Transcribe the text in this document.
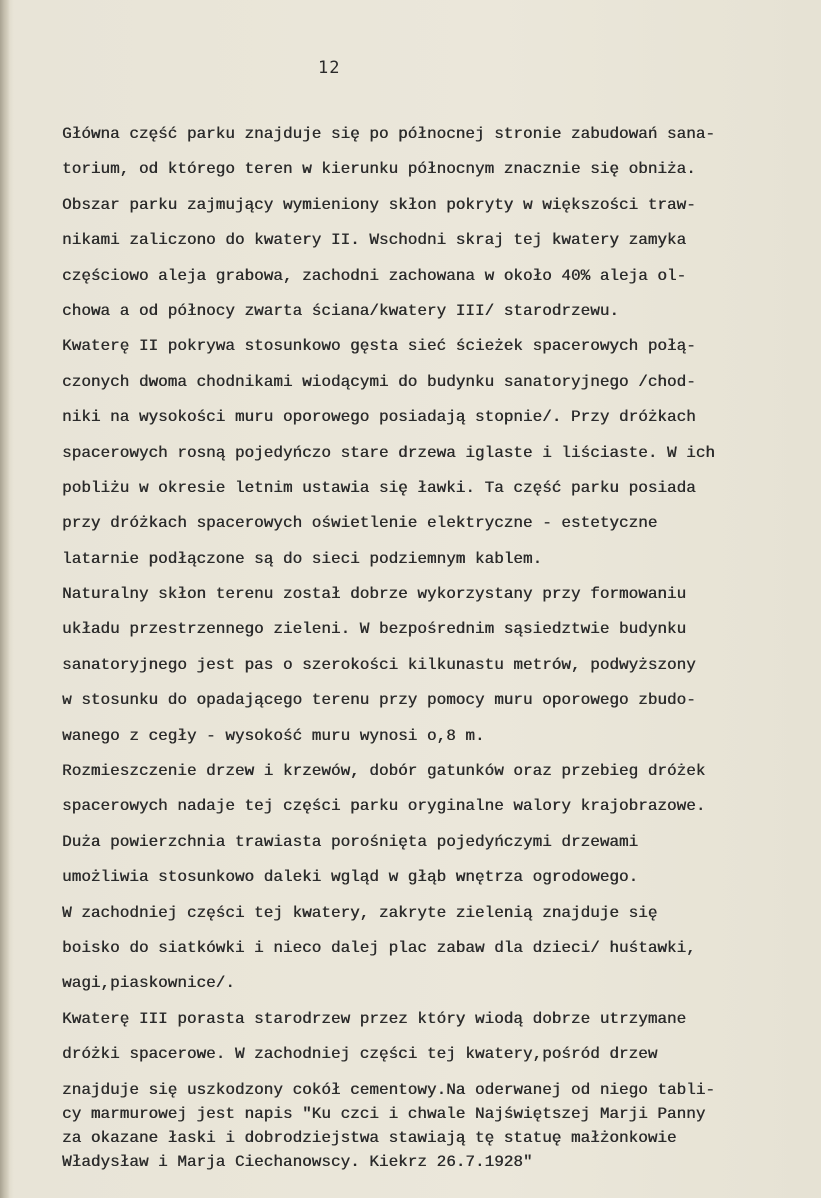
12
Główna część parku znajduje się po północnej stronie zabudowań sana-
torium, od którego teren w kierunku północnym znacznie się obniża.
Obszar parku zajmujący wymieniony skłon pokryty w większości traw-
nikami zaliczono do kwatery II. Wschodni skraj tej kwatery zamyka
częściowo aleja grabowa, zachodni zachowana w około 40% aleja ol-
chowa a od północy zwarta ściana/kwatery III/ starodrzewu.
Kwaterę II pokrywa stosunkowo gęsta sieć ścieżek spacerowych połą-
czonych dwoma chodnikami wiodącymi do budynku sanatoryjnego /chod-
niki na wysokości muru oporowego posiadają stopnie/. Przy dróżkach
spacerowych rosną pojedyńczo stare drzewa iglaste i liściaste. W ich
pobliżu w okresie letnim ustawia się ławki. Ta część parku posiada
przy dróżkach spacerowych oświetlenie elektryczne - estetyczne
latarnie podłączone są do sieci podziemnym kablem.
Naturalny skłon terenu został dobrze wykorzystany przy formowaniu
układu przestrzennego zieleni. W bezpośrednim sąsiedztwie budynku
sanatoryjnego jest pas o szerokości kilkunastu metrów, podwyższony
w stosunku do opadającego terenu przy pomocy muru oporowego zbudo-
wanego z cegły - wysokość muru wynosi o,8 m.
Rozmieszczenie drzew i krzewów, dobór gatunków oraz przebieg dróżek
spacerowych nadaje tej części parku oryginalne walory krajobrazowe.
Duża powierzchnia trawiasta porośnięta pojedyńczymi drzewami
umożliwia stosunkowo daleki wgląd w głąb wnętrza ogrodowego.
W zachodniej części tej kwatery, zakryte zielenią znajduje się
boisko do siatkówki i nieco dalej plac zabaw dla dzieci/ huśtawki,
wagi,piaskownice/.
Kwaterę III porasta starodrzew przez który wiodą dobrze utrzymane
dróżki spacerowe. W zachodniej części tej kwatery,pośród drzew
znajduje się uszkodzony cokół cementowy.Na oderwanej od niego tabli-
cy marmurowej jest napis "Ku czci i chwale Najświętszej Marji Panny
za okazane łaski i dobrodziejstwa stawiają tę statuę małżonkowie
Władysław i Marja Ciechanowscy. Kiekrz 26.7.1928"
